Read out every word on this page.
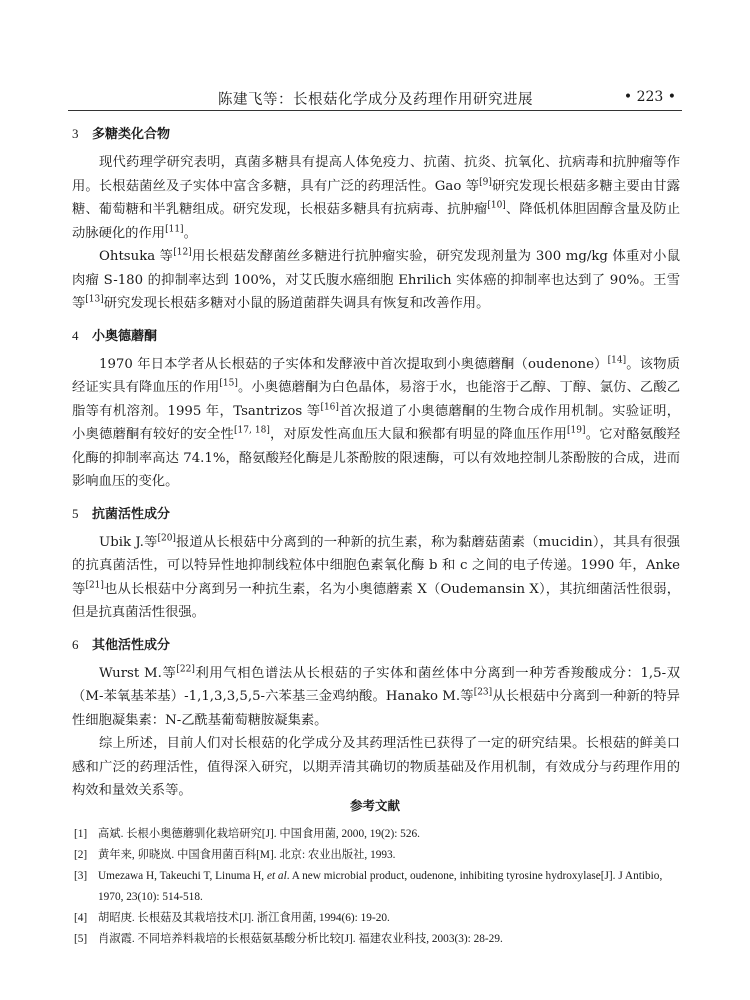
陈建飞等：长根菇化学成分及药理作用研究进展	• 223 •
3 多糖类化合物

现代药理学研究表明，真菌多糖具有提高人体免疫力、抗菌、抗炎、抗氧化、抗病毒和抗肿瘤等作用。长根菇菌丝及子实体中富含多糖，具有广泛的药理活性。Gao 等[9]研究发现长根菇多糖主要由甘露糖、葡萄糖和半乳糖组成。研究发现，长根菇多糖具有抗病毒、抗肿瘤[10]、降低机体胆固醇含量及防止动脉硬化的作用[11]。

Ohtsuka 等[12]用长根菇发酵菌丝多糖进行抗肿瘤实验，研究发现剂量为 300 mg/kg 体重对小鼠肉瘤 S-180 的抑制率达到 100%，对艾氏腹水癌细胞 Ehrilich 实体癌的抑制率也达到了 90%。王雪等[13]研究发现长根菇多糖对小鼠的肠道菌群失调具有恢复和改善作用。

4 小奥德蘑酮

1970 年日本学者从长根菇的子实体和发酵液中首次提取到小奥德蘑酮（oudenone）[14]。该物质经证实具有降血压的作用[15]。小奥德蘑酮为白色晶体，易溶于水，也能溶于乙醇、丁醇、氯仿、乙酸乙脂等有机溶剂。1995 年，Tsantrizos 等[16]首次报道了小奥德蘑酮的生物合成作用机制。实验证明，小奥德蘑酮有较好的安全性[17, 18]，对原发性高血压大鼠和猴都有明显的降血压作用[19]。它对酪氨酸羟化酶的抑制率高达 74.1%，酪氨酸羟化酶是儿茶酚胺的限速酶，可以有效地控制儿茶酚胺的合成，进而影响血压的变化。

5 抗菌活性成分

Ubik J.等[20]报道从长根菇中分离到的一种新的抗生素，称为黏蘑菇菌素（mucidin），其具有很强的抗真菌活性，可以特异性地抑制线粒体中细胞色素氧化酶 b 和 c 之间的电子传递。1990 年，Anke 等[21]也从长根菇中分离到另一种抗生素，名为小奥德蘑素 X（Oudemansin X），其抗细菌活性很弱，但是抗真菌活性很强。

6 其他活性成分

Wurst M.等[22]利用气相色谱法从长根菇的子实体和菌丝体中分离到一种芳香羧酸成分：1,5-双（M-苯氧基苯基）-1,1,3,3,5,5-六苯基三金鸡纳酸。Hanako M.等[23]从长根菇中分离到一种新的特异性细胞凝集素：N-乙酰基葡萄糖胺凝集素。

综上所述，目前人们对长根菇的化学成分及其药理活性已获得了一定的研究结果。长根菇的鲜美口感和广泛的药理活性，值得深入研究，以期弄清其确切的物质基础及作用机制，有效成分与药理作用的构效和量效关系等。

参考文献
[1] 高斌. 长根小奥德蘑驯化栽培研究[J]. 中国食用菌, 2000, 19(2): 526.
[2] 黄年来, 卯晓岚. 中国食用菌百科[M]. 北京: 农业出版社, 1993.
[3] Umezawa H, Takeuchi T, Linuma H, et al. A new microbial product, oudenone, inhibiting tyrosine hydroxylase[J]. J Antibio, 1970, 23(10): 514-518.
[4] 胡昭庚. 长根菇及其栽培技术[J]. 浙江食用菌, 1994(6): 19-20.
[5] 肖淑霞. 不同培养料栽培的长根菇氨基酸分析比较[J]. 福建农业科技, 2003(3): 28-29.
